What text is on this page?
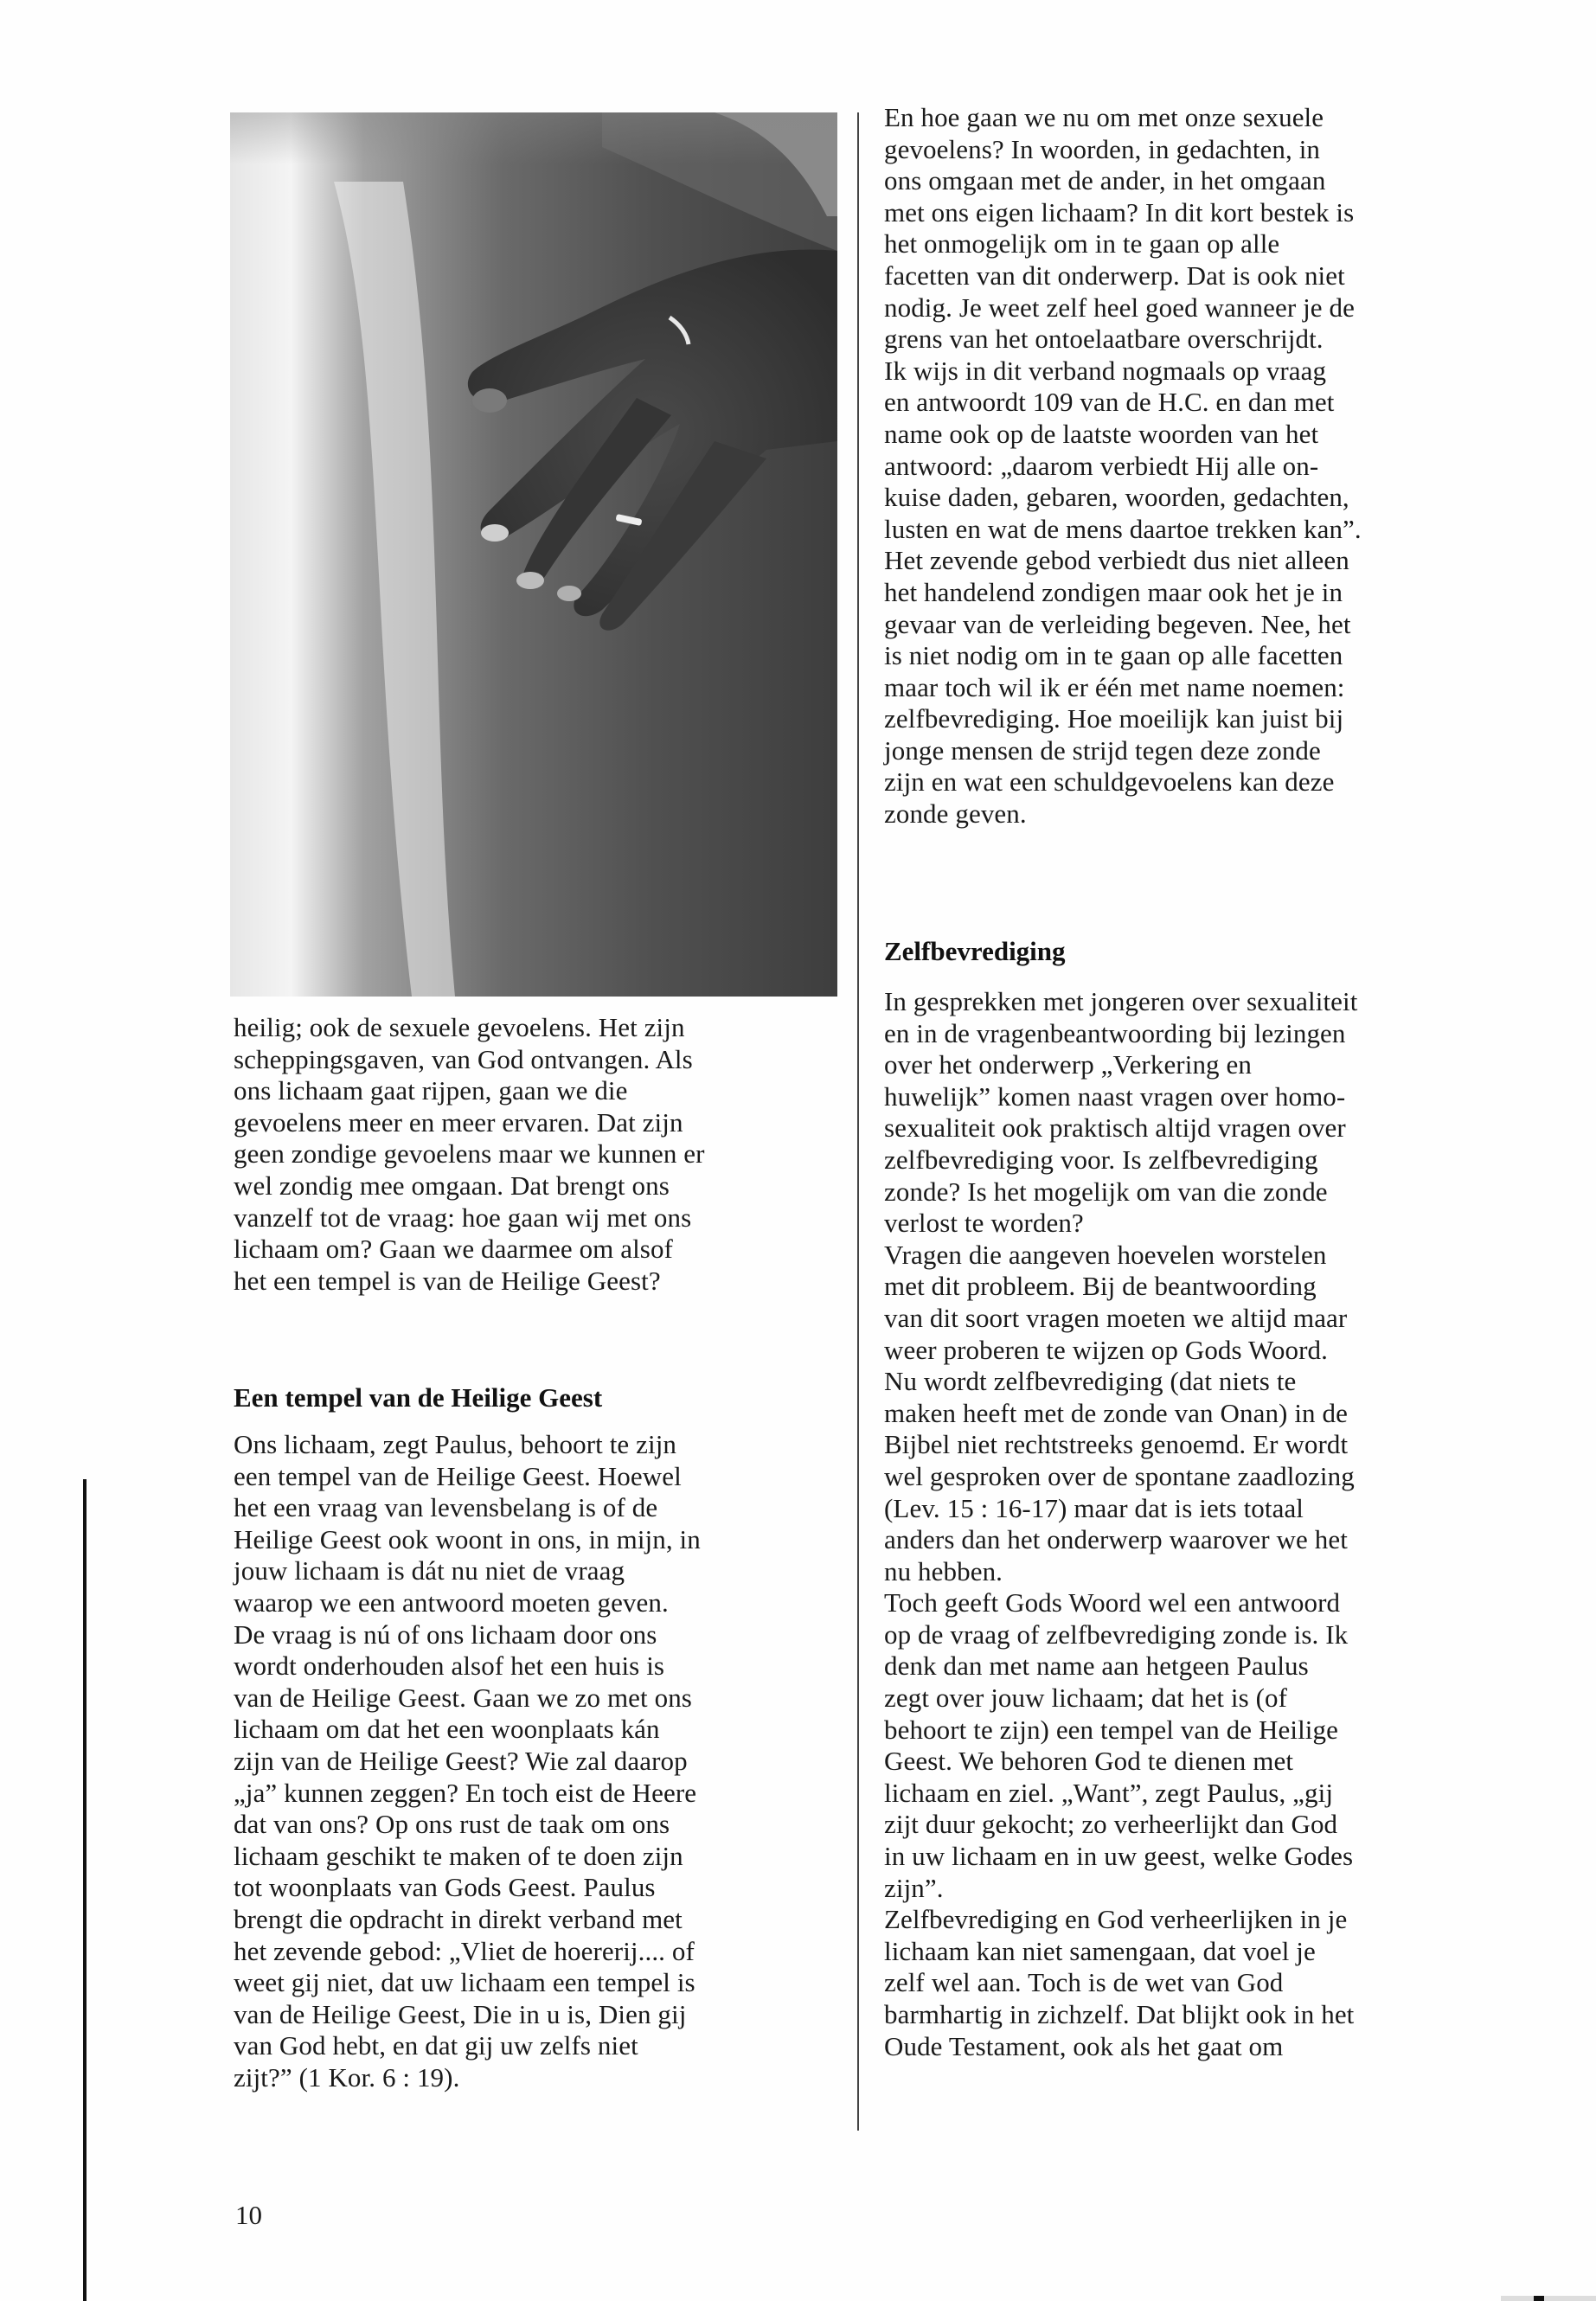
heilig; ook de sexuele gevoelens. Het zijn
scheppingsgaven, van God ontvangen. Als
ons lichaam gaat rijpen, gaan we die
gevoelens meer en meer ervaren. Dat zijn
geen zondige gevoelens maar we kunnen er
wel zondig mee omgaan. Dat brengt ons
vanzelf tot de vraag: hoe gaan wij met ons
lichaam om? Gaan we daarmee om alsof
het een tempel is van de Heilige Geest?
Een tempel van de Heilige Geest
Ons lichaam, zegt Paulus, behoort te zijn
een tempel van de Heilige Geest. Hoewel
het een vraag van levensbelang is of de
Heilige Geest ook woont in ons, in mijn, in
jouw lichaam is dát nu niet de vraag
waarop we een antwoord moeten geven.
De vraag is nú of ons lichaam door ons
wordt onderhouden alsof het een huis is
van de Heilige Geest. Gaan we zo met ons
lichaam om dat het een woonplaats kán
zijn van de Heilige Geest? Wie zal daarop
„ja” kunnen zeggen? En toch eist de Heere
dat van ons? Op ons rust de taak om ons
lichaam geschikt te maken of te doen zijn
tot woonplaats van Gods Geest. Paulus
brengt die opdracht in direkt verband met
het zevende gebod: „Vliet de hoererij.... of
weet gij niet, dat uw lichaam een tempel is
van de Heilige Geest, Die in u is, Dien gij
van God hebt, en dat gij uw zelfs niet
zijt?” (1 Kor. 6 : 19).
En hoe gaan we nu om met onze sexuele
gevoelens? In woorden, in gedachten, in
ons omgaan met de ander, in het omgaan
met ons eigen lichaam? In dit kort bestek is
het onmogelijk om in te gaan op alle
facetten van dit onderwerp. Dat is ook niet
nodig. Je weet zelf heel goed wanneer je de
grens van het ontoelaatbare overschrijdt.
Ik wijs in dit verband nogmaals op vraag
en antwoordt 109 van de H.C. en dan met
name ook op de laatste woorden van het
antwoord: „daarom verbiedt Hij alle on-
kuise daden, gebaren, woorden, gedachten,
lusten en wat de mens daartoe trekken kan”.
Het zevende gebod verbiedt dus niet alleen
het handelend zondigen maar ook het je in
gevaar van de verleiding begeven. Nee, het
is niet nodig om in te gaan op alle facetten
maar toch wil ik er één met name noemen:
zelfbevrediging. Hoe moeilijk kan juist bij
jonge mensen de strijd tegen deze zonde
zijn en wat een schuldgevoelens kan deze
zonde geven.
Zelfbevrediging
In gesprekken met jongeren over sexualiteit
en in de vragenbeantwoording bij lezingen
over het onderwerp „Verkering en
huwelijk” komen naast vragen over homo-
sexualiteit ook praktisch altijd vragen over
zelfbevrediging voor. Is zelfbevrediging
zonde? Is het mogelijk om van die zonde
verlost te worden?
Vragen die aangeven hoevelen worstelen
met dit probleem. Bij de beantwoording
van dit soort vragen moeten we altijd maar
weer proberen te wijzen op Gods Woord.
Nu wordt zelfbevrediging (dat niets te
maken heeft met de zonde van Onan) in de
Bijbel niet rechtstreeks genoemd. Er wordt
wel gesproken over de spontane zaadlozing
(Lev. 15 : 16-17) maar dat is iets totaal
anders dan het onderwerp waarover we het
nu hebben.
Toch geeft Gods Woord wel een antwoord
op de vraag of zelfbevrediging zonde is. Ik
denk dan met name aan hetgeen Paulus
zegt over jouw lichaam; dat het is (of
behoort te zijn) een tempel van de Heilige
Geest. We behoren God te dienen met
lichaam en ziel. „Want”, zegt Paulus, „gij
zijt duur gekocht; zo verheerlijkt dan God
in uw lichaam en in uw geest, welke Godes
zijn”.
Zelfbevrediging en God verheerlijken in je
lichaam kan niet samengaan, dat voel je
zelf wel aan. Toch is de wet van God
barmhartig in zichzelf. Dat blijkt ook in het
Oude Testament, ook als het gaat om
10
